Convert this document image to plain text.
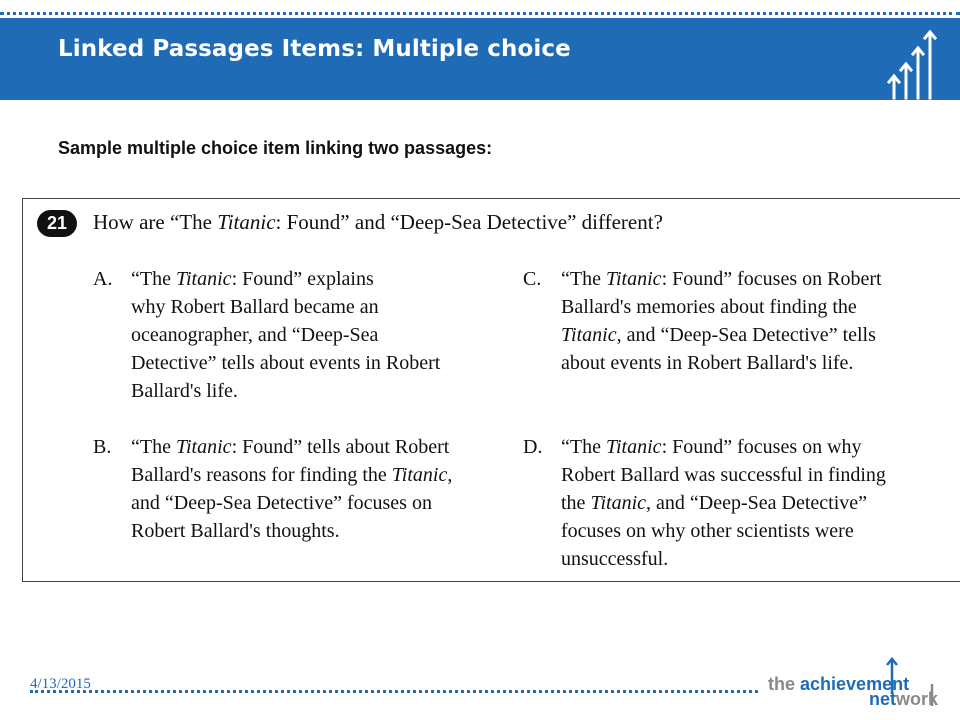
Linked Passages Items: Multiple choice
Sample multiple choice item linking two passages:
21	How are “The Titanic: Found” and “Deep-Sea Detective” different?
A. “The Titanic: Found” explains
why Robert Ballard became an
oceanographer, and “Deep-Sea
Detective” tells about events in Robert
Ballard's life.
B. “The Titanic: Found” tells about Robert
Ballard's reasons for finding the Titanic,
and “Deep-Sea Detective” focuses on
Robert Ballard's thoughts.
C. “The Titanic: Found” focuses on Robert
Ballard's memories about finding the
Titanic, and “Deep-Sea Detective” tells
about events in Robert Ballard's life.
D. “The Titanic: Found” focuses on why
Robert Ballard was successful in finding
the Titanic, and “Deep-Sea Detective”
focuses on why other scientists were
unsuccessful.
4/13/2015	the achievement
network
